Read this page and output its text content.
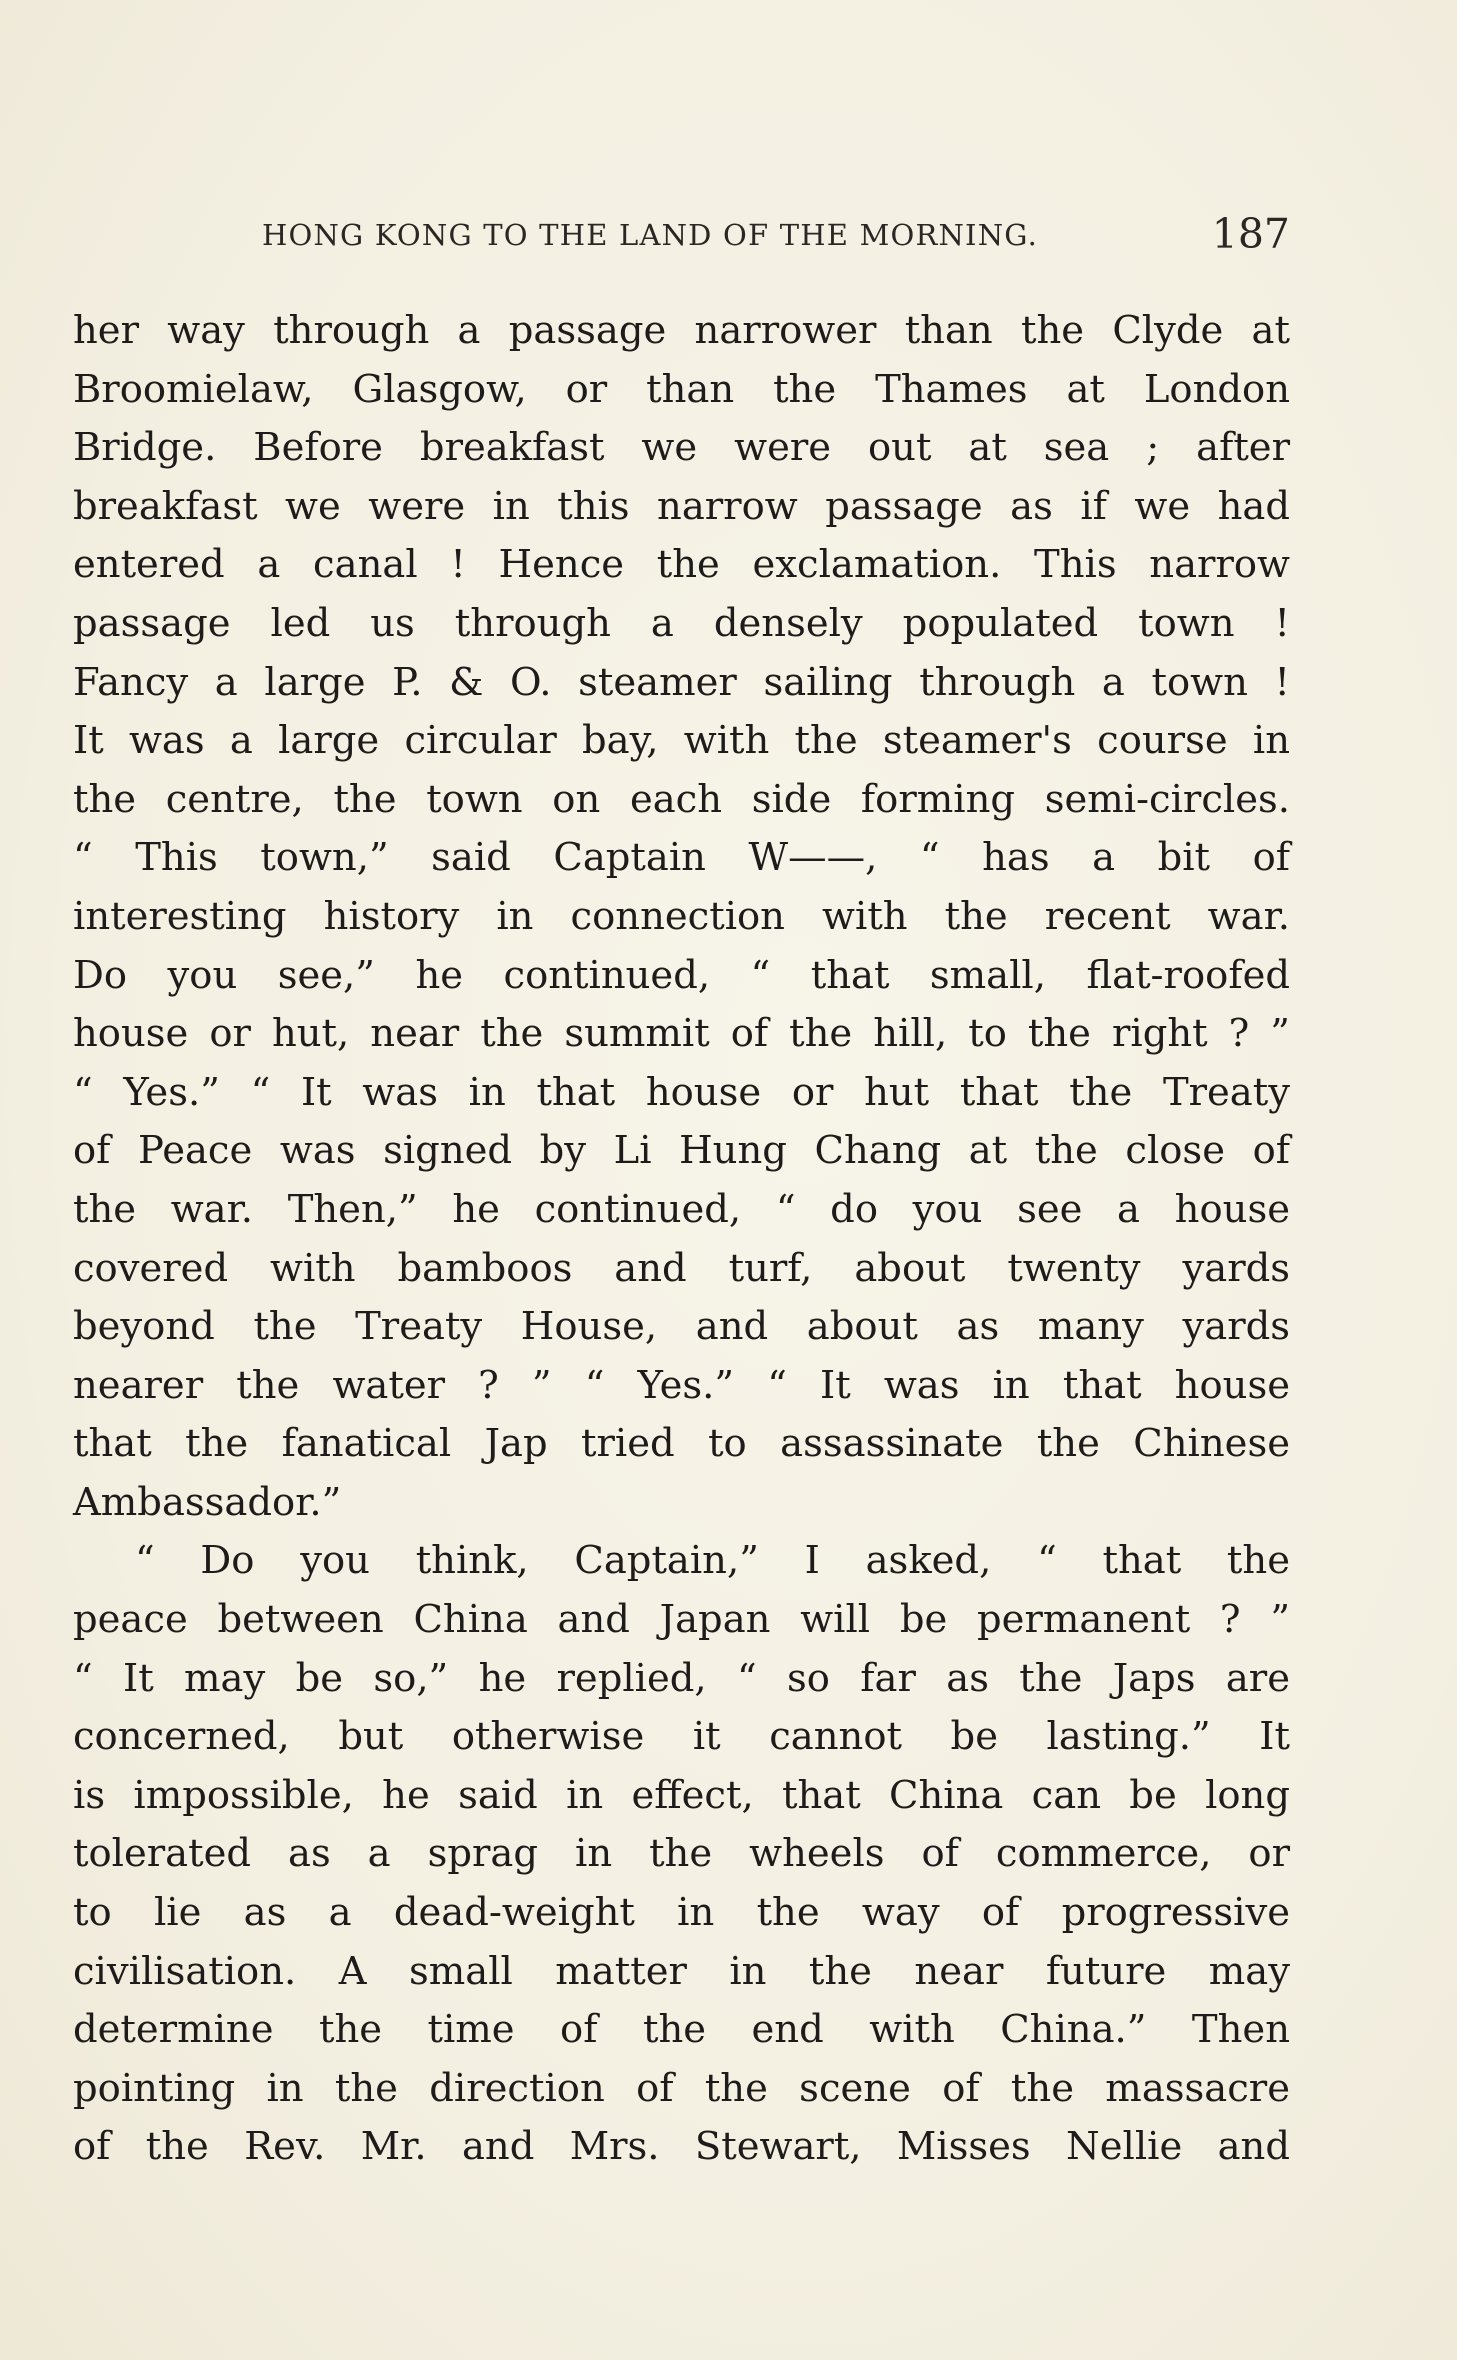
HONG KONG TO THE LAND OF THE MORNING.	187
her way through a passage narrower than the Clyde at
Broomielaw, Glasgow, or than the Thames at London
Bridge. Before breakfast we were out at sea ; after
breakfast we were in this narrow passage as if we had
entered a canal ! Hence the exclamation. This narrow
passage led us through a densely populated town !
Fancy a large P. & O. steamer sailing through a town !
It was a large circular bay, with the steamer's course in
the centre, the town on each side forming semi-circles.
“ This town,” said Captain W——, “ has a bit of
interesting history in connection with the recent war.
Do you see,” he continued, “ that small, flat-roofed
house or hut, near the summit of the hill, to the right ? ”
“ Yes.” “ It was in that house or hut that the Treaty
of Peace was signed by Li Hung Chang at the close of
the war. Then,” he continued, “ do you see a house
covered with bamboos and turf, about twenty yards
beyond the Treaty House, and about as many yards
nearer the water ? ” “ Yes.” “ It was in that house
that the fanatical Jap tried to assassinate the Chinese
Ambassador.”
“ Do you think, Captain,” I asked, “ that the
peace between China and Japan will be permanent ? ”
“ It may be so,” he replied, “ so far as the Japs are
concerned, but otherwise it cannot be lasting.” It
is impossible, he said in effect, that China can be long
tolerated as a sprag in the wheels of commerce, or
to lie as a dead-weight in the way of progressive
civilisation. A small matter in the near future may
determine the time of the end with China.” Then
pointing in the direction of the scene of the massacre
of the Rev. Mr. and Mrs. Stewart, Misses Nellie and
